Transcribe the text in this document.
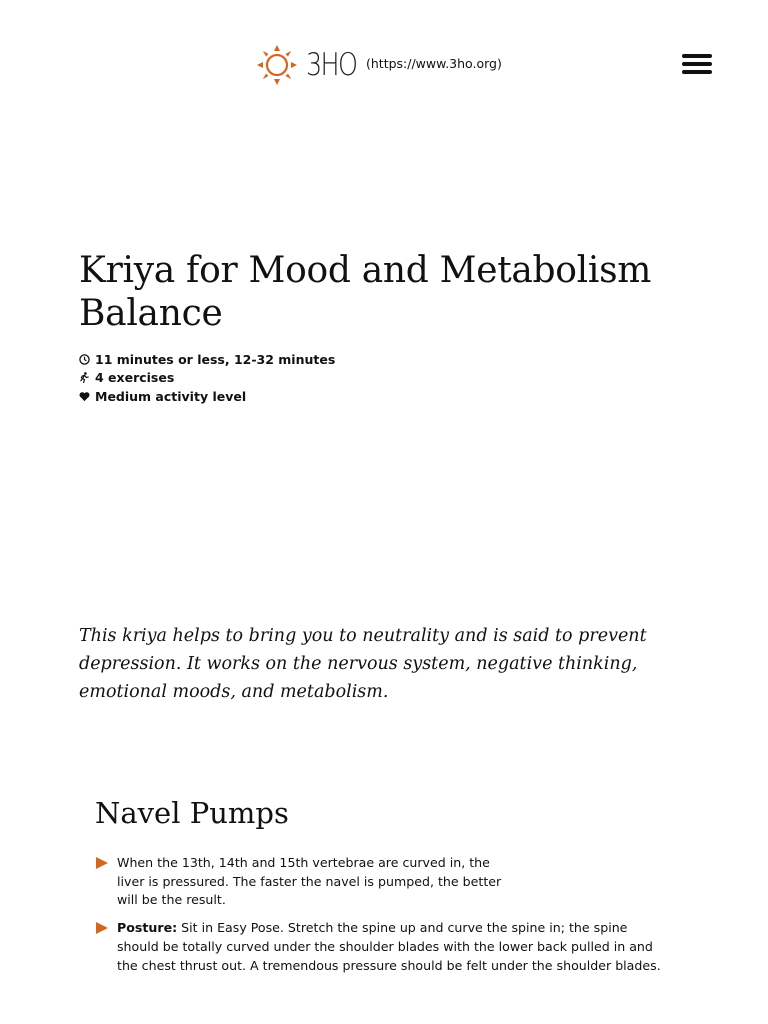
3HO (https://www.3ho.org)
Kriya for Mood and Metabolism Balance
11 minutes or less, 12-32 minutes
4 exercises
Medium activity level

This kriya helps to bring you to neutrality and is said to prevent depression. It works on the nervous system, negative thinking, emotional moods, and metabolism.

Navel Pumps
When the 13th, 14th and 15th vertebrae are curved in, the liver is pressured. The faster the navel is pumped, the better will be the result.
Posture: Sit in Easy Pose. Stretch the spine up and curve the spine in; the spine should be totally curved under the shoulder blades with the lower back pulled in and the chest thrust out. A tremendous pressure should be felt under the shoulder blades.
